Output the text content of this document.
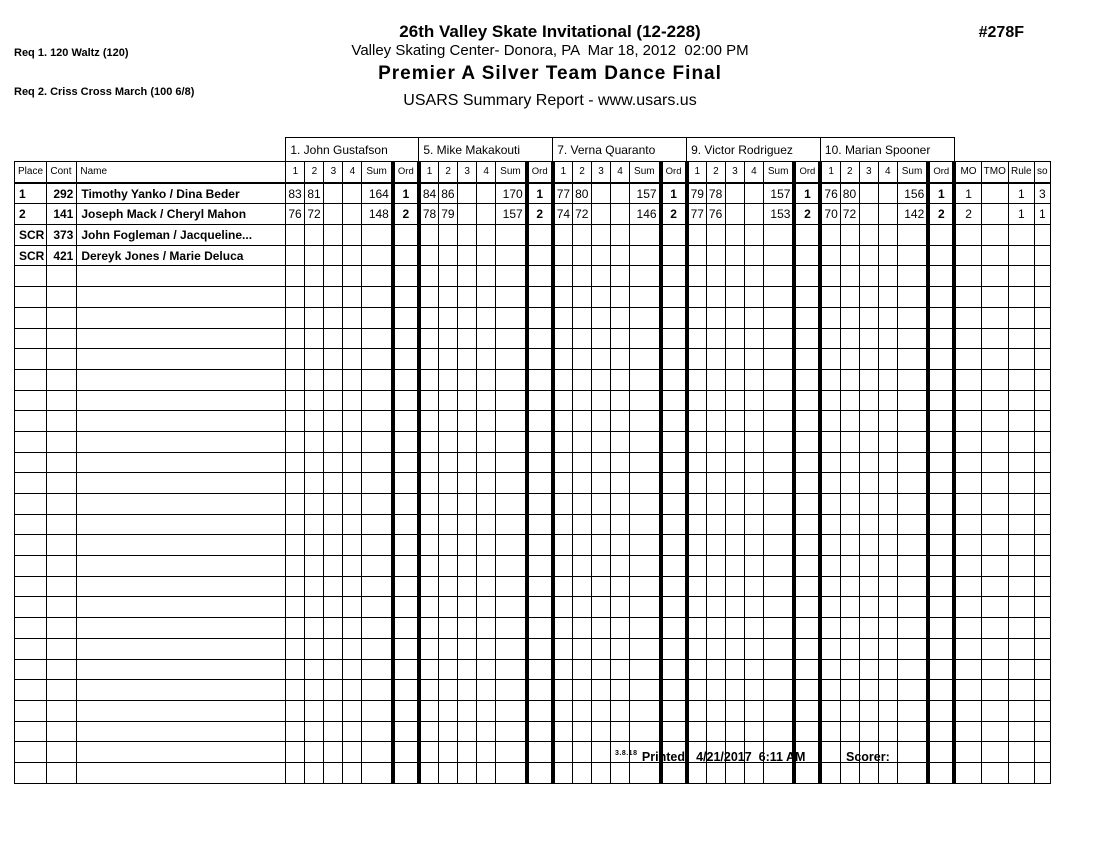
Req 1. 120 Waltz (120)

Req 2. Criss Cross March (100 6/8)

26th Valley Skate Invitational (12-228)
Valley Skating Center- Donora, PA  Mar 18, 2012  02:00 PM
Premier A Silver Team Dance Final
USARS Summary Report - www.usars.us
#278F
			1. John Gustafson						5. Mike Makakouti						7. Verna Quaranto						9. Victor Rodriguez						10. Marian Spooner									
Place	Cont	Name	1	2	3	4	Sum	Ord	1	2	3	4	Sum	Ord	1	2	3	4	Sum	Ord	1	2	3	4	Sum	Ord	1	2	3	4	Sum	Ord	MO	TMO	Rule	so
1	292	Timothy Yanko / Dina Beder	83	81			164	1	84	86			170	1	77	80			157	1	79	78			157	1	76	80			156	1	1		1	3
2	141	Joseph Mack / Cheryl Mahon	76	72			148	2	78	79			157	2	74	72			146	2	77	76			153	2	70	72			142	2	2		1	1
SCR	373	John Fogleman / Jacqueline...																																		
SCR	421	Dereyk Jones / Marie Deluca																																		

$^{3.8.18}$ Printed:  4/21/2017  6:11 AM	Scorer:
